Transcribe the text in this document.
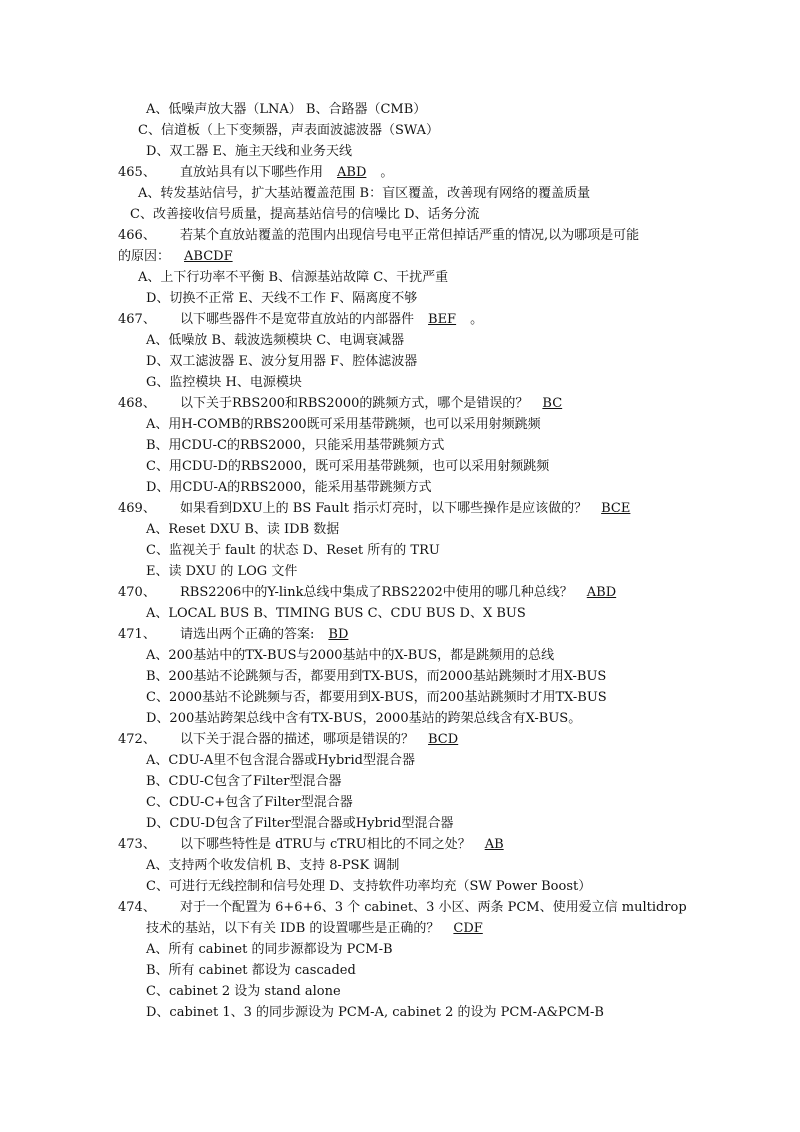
A、低噪声放大器（LNA） B、合路器（CMB）
C、信道板（上下变频器，声表面波滤波器（SWA）
D、双工器 E、施主天线和业务天线
465、 直放站具有以下哪些作用 ABD 。
A、转发基站信号，扩大基站覆盖范围 B：盲区覆盖，改善现有网络的覆盖质量
C、改善接收信号质量，提高基站信号的信噪比 D、话务分流
466、 若某个直放站覆盖的范围内出现信号电平正常但掉话严重的情况,以为哪项是可能
的原因： ABCDF
A、上下行功率不平衡 B、信源基站故障 C、干扰严重
D、切换不正常 E、天线不工作 F、隔离度不够
467、 以下哪些器件不是宽带直放站的内部器件 BEF 。
A、低噪放 B、载波选频模块 C、电调衰减器
D、双工滤波器 E、波分复用器 F、腔体滤波器
G、监控模块 H、电源模块
468、 以下关于RBS200和RBS2000的跳频方式，哪个是错误的？ BC
A、用H-COMB的RBS200既可采用基带跳频，也可以采用射频跳频
B、用CDU-C的RBS2000，只能采用基带跳频方式
C、用CDU-D的RBS2000，既可采用基带跳频，也可以采用射频跳频
D、用CDU-A的RBS2000，能采用基带跳频方式
469、 如果看到DXU上的 BS Fault 指示灯亮时，以下哪些操作是应该做的？ BCE
A、Reset DXU B、读 IDB 数据
C、监视关于 fault 的状态 D、Reset 所有的 TRU
E、读 DXU 的 LOG 文件
470、 RBS2206中的Y-link总线中集成了RBS2202中使用的哪几种总线？ ABD
A、LOCAL BUS B、TIMING BUS C、CDU BUS D、X BUS
471、 请选出两个正确的答案: BD
A、200基站中的TX-BUS与2000基站中的X-BUS，都是跳频用的总线
B、200基站不论跳频与否，都要用到TX-BUS，而2000基站跳频时才用X-BUS
C、2000基站不论跳频与否，都要用到X-BUS，而200基站跳频时才用TX-BUS
D、200基站跨架总线中含有TX-BUS，2000基站的跨架总线含有X-BUS。
472、 以下关于混合器的描述，哪项是错误的？ BCD
A、CDU-A里不包含混合器或Hybrid型混合器
B、CDU-C包含了Filter型混合器
C、CDU-C+包含了Filter型混合器
D、CDU-D包含了Filter型混合器或Hybrid型混合器
473、 以下哪些特性是 dTRU与 cTRU相比的不同之处？ AB
A、支持两个收发信机 B、支持 8-PSK 调制
C、可进行无线控制和信号处理 D、支持软件功率均充（SW Power Boost）
474、 对于一个配置为 6+6+6、3 个 cabinet、3 小区、两条 PCM、使用爱立信 multidrop
技术的基站，以下有关 IDB 的设置哪些是正确的？ CDF
A、所有 cabinet 的同步源都设为 PCM-B
B、所有 cabinet 都设为 cascaded
C、cabinet 2 设为 stand alone
D、cabinet 1、3 的同步源设为 PCM-A, cabinet 2 的设为 PCM-A&PCM-B
